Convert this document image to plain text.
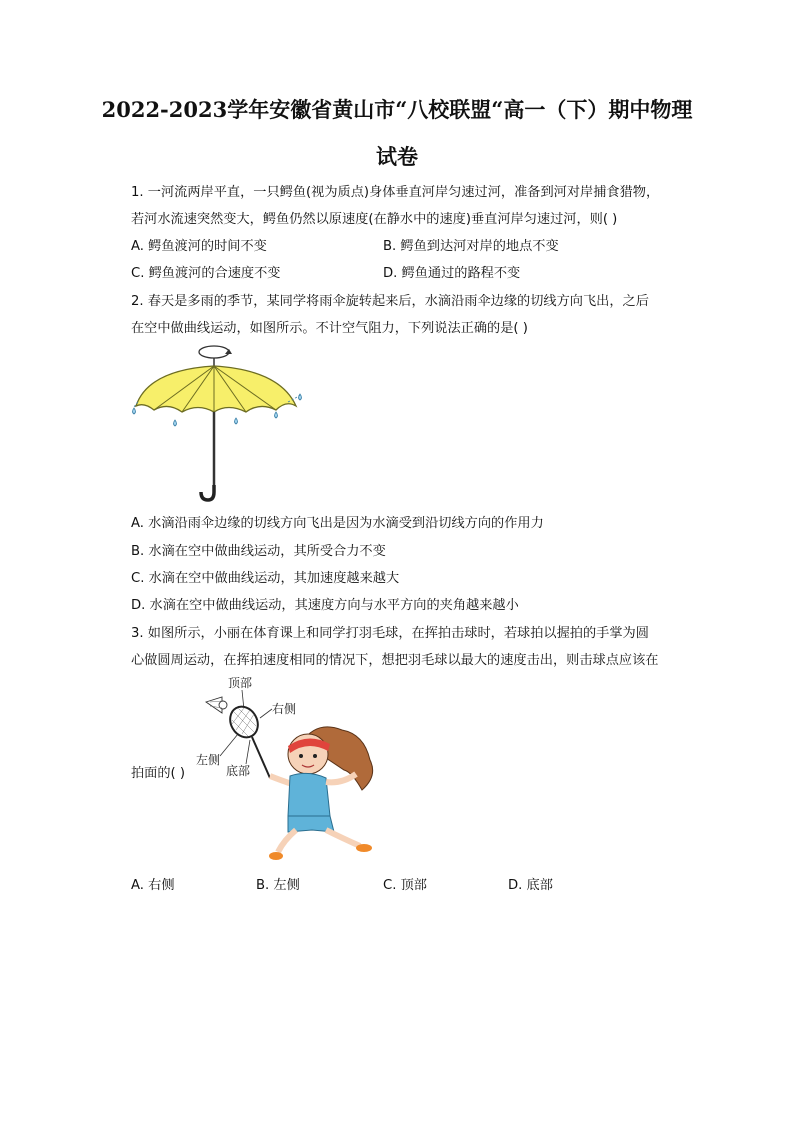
2022-2023学年安徽省黄山市“八校联盟“高一（下）期中物理
试卷
1. 一河流两岸平直，一只鳄鱼(视为质点)身体垂直河岸匀速过河，准备到河对岸捕食猎物，
若河水流速突然变大，鳄鱼仍然以原速度(在静水中的速度)垂直河岸匀速过河，则( )
A. 鳄鱼渡河的时间不变	B. 鳄鱼到达河对岸的地点不变
C. 鳄鱼渡河的合速度不变	D. 鳄鱼通过的路程不变
2. 春天是多雨的季节，某同学将雨伞旋转起来后，水滴沿雨伞边缘的切线方向飞出，之后
在空中做曲线运动，如图所示。不计空气阻力，下列说法正确的是( )
A. 水滴沿雨伞边缘的切线方向飞出是因为水滴受到沿切线方向的作用力
B. 水滴在空中做曲线运动，其所受合力不变
C. 水滴在空中做曲线运动，其加速度越来越大
D. 水滴在空中做曲线运动，其速度方向与水平方向的夹角越来越小
3. 如图所示，小丽在体育课上和同学打羽毛球，在挥拍击球时，若球拍以握拍的手掌为圆
心做圆周运动，在挥拍速度相同的情况下，想把羽毛球以最大的速度击出，则击球点应该在
顶部
右侧
左侧
底部
拍面的( )
A. 右侧	B. 左侧	C. 顶部	D. 底部
